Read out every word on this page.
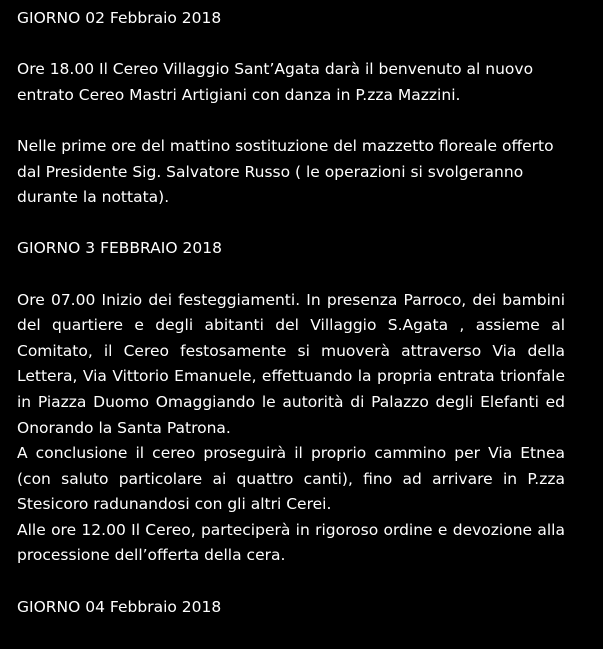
GIORNO 02 Febbraio 2018

Ore 18.00 Il Cereo Villaggio Sant’Agata darà il benvenuto al nuovo entrato Cereo Mastri Artigiani con danza in P.zza Mazzini.

Nelle prime ore del mattino sostituzione del mazzetto floreale offerto dal Presidente Sig. Salvatore Russo ( le operazioni si svolgeranno durante la nottata).

GIORNO 3 FEBBRAIO 2018

Ore 07.00 Inizio dei festeggiamenti. In presenza Parroco, dei bambini del quartiere e degli abitanti del Villaggio S.Agata , assieme al Comitato, il Cereo festosamente si muoverà attraverso Via della Lettera, Via Vittorio Emanuele, effettuando la propria entrata trionfale in Piazza Duomo Omaggiando le autorità di Palazzo degli Elefanti ed Onorando la Santa Patrona.

A conclusione il cereo proseguirà il proprio cammino per Via Etnea (con saluto particolare ai quattro canti), fino ad arrivare in P.zza Stesicoro radunandosi con gli altri Cerei.

Alle ore 12.00 Il Cereo, parteciperà in rigoroso ordine e devozione alla processione dell’offerta della cera.

GIORNO 04 Febbraio 2018
